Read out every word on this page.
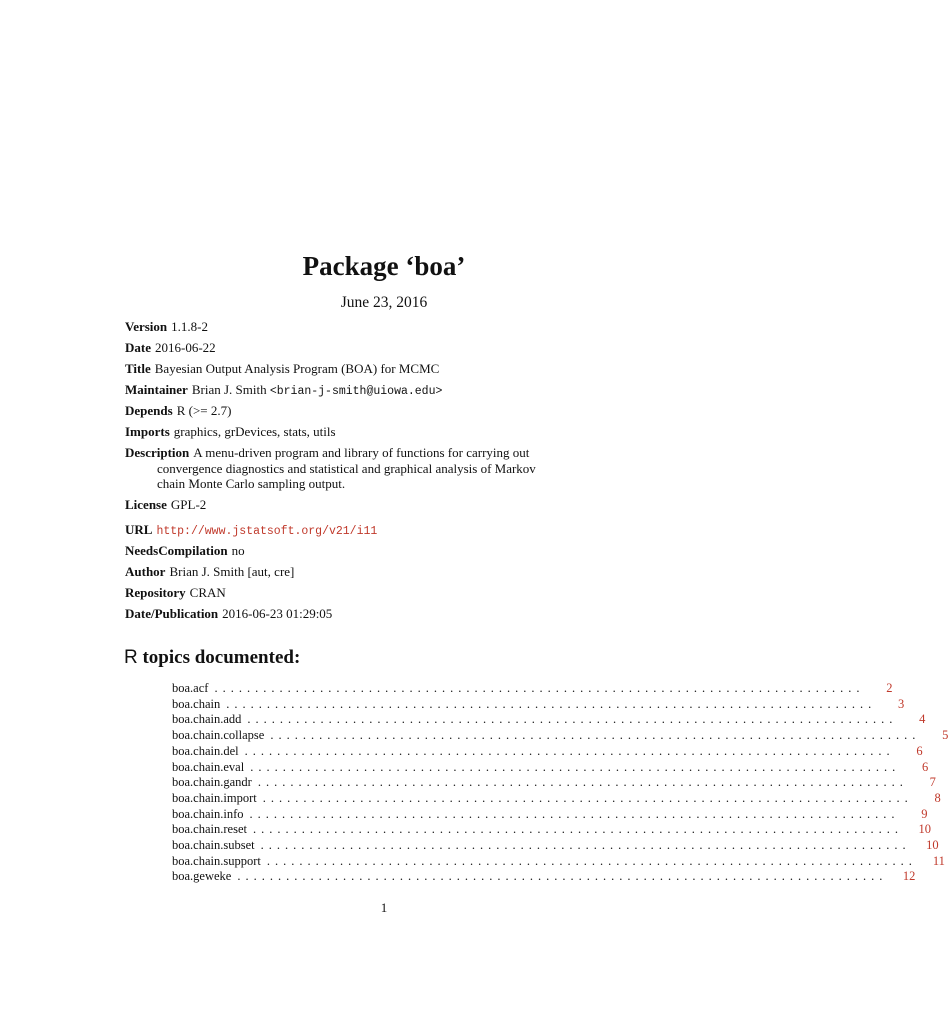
Package ‘boa’
June 23, 2016
Version 1.1.8-2
Date 2016-06-22
Title Bayesian Output Analysis Program (BOA) for MCMC
Maintainer Brian J. Smith <brian-j-smith@uiowa.edu>
Depends R (>= 2.7)
Imports graphics, grDevices, stats, utils
Description A menu-driven program and library of functions for carrying out
convergence diagnostics and statistical and graphical analysis of Markov
chain Monte Carlo sampling output.
License GPL-2
URL http://www.jstatsoft.org/v21/i11
NeedsCompilation no
Author Brian J. Smith [aut, cre]
Repository CRAN
Date/Publication 2016-06-23 01:29:05
R topics documented:
boa.acf ................................................................................	2
boa.chain ................................................................................	3
boa.chain.add ................................................................................	4
boa.chain.collapse ................................................................................	5
boa.chain.del ................................................................................	6
boa.chain.eval ................................................................................	6
boa.chain.gandr ................................................................................	7
boa.chain.import ................................................................................	8
boa.chain.info ................................................................................	9
boa.chain.reset ................................................................................	10
boa.chain.subset ................................................................................	10
boa.chain.support ................................................................................	11
boa.geweke ................................................................................	12
1
